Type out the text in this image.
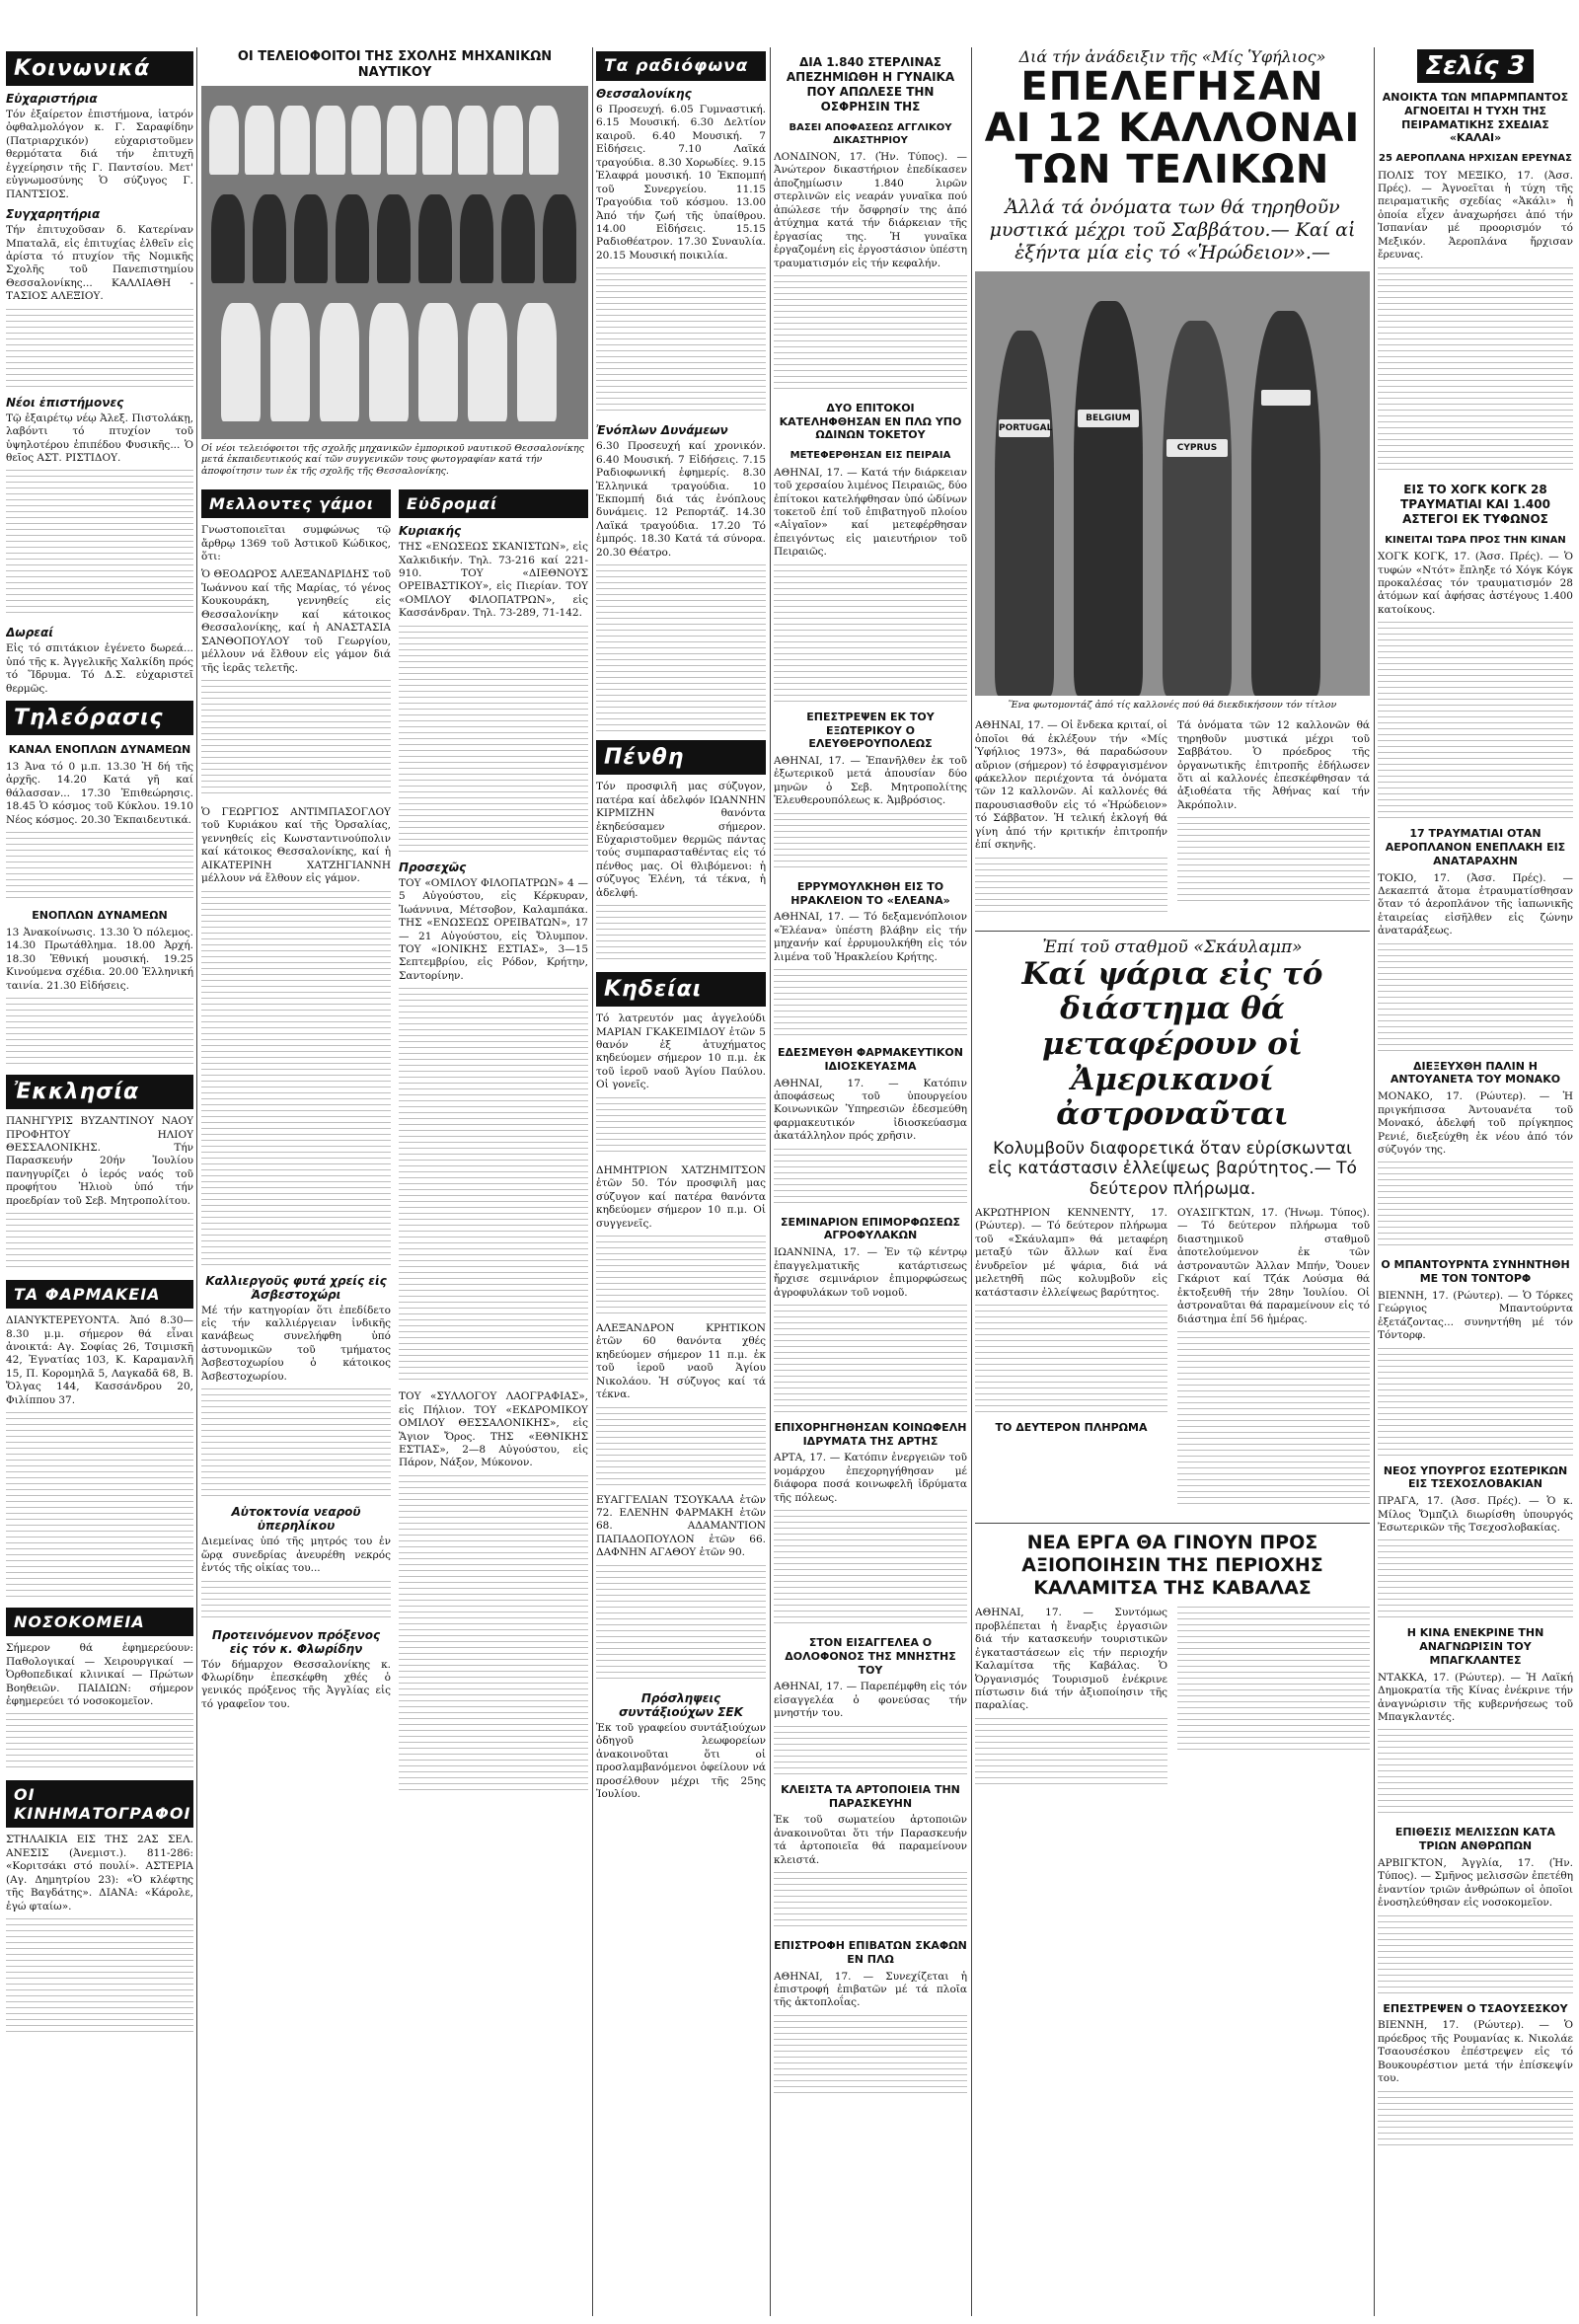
Κοινωνικά
Εὐχαριστήρια

Τόν ἐξαίρετον ἐπιστήμονα, ἰατρόν ὀφθαλμολόγον κ. Γ. Σαραφίδην (Πατριαρχικόν) εὐχαριστοῦμεν θερμότατα διά τήν ἐπιτυχῆ ἐγχείρησιν τῆς Γ. Παντσίου. Μετ' εὐγνωμοσύνης Ὁ σύζυγος Γ. ΠΑΝΤΣΙΟΣ.

Συγχαρητήρια

Τήν ἐπιτυχοῦσαν δ. Κατερίναν Μπαταλᾶ, εἰς ἐπιτυχίας ἐλθεῖν εἰς ἀρίστα τό πτυχίον τῆς Νομικῆς Σχολῆς τοῦ Πανεπιστημίου Θεσσαλονίκης... ΚΑΛΛΙΑΘΗ - ΤΑΣΙΟΣ ΑΛΕΞΙΟΥ.

Νέοι ἐπιστήμονες

Τῷ ἐξαιρέτῳ νέῳ Ἀλεξ. Πιστολάκῃ, λαβόντι τό πτυχίον τοῦ ὑψηλοτέρου ἐπιπέδου Φυσικῆς... Ὁ θεῖος ΑΣΤ. ΡΙΣΤΙΔΟΥ.

Δωρεαί

Εἰς τό σπιτάκιον ἐγένετο δωρεά... ὑπό τῆς κ. Ἀγγελικῆς Χαλκίδη πρός τό Ἵδρυμα. Τό Δ.Σ. εὐχαριστεῖ θερμῶς.

Τηλεόρασις
ΚΑΝΑΛ ΕΝΟΠΛΩΝ ΔΥΝΑΜΕΩΝ

13 Ἀνα τό 0 μ.π. 13.30 Ἡ δή τῆς ἀρχῆς. 14.20 Κατά γῆ καί θάλασσαν... 17.30 Ἐπιθεώρησις. 18.45 Ὁ κόσμος τοῦ Κύκλου. 19.10 Νέος κόσμος. 20.30 Ἐκπαιδευτικά.

ΕΝΟΠΛΩΝ ΔΥΝΑΜΕΩΝ

13 Ἀνακοίνωσις. 13.30 Ὁ πόλεμος. 14.30 Πρωτάθλημα. 18.00 Ἀρχή. 18.30 Ἐθνική μουσική. 19.25 Κινούμενα σχέδια. 20.00 Ἐλληνική ταινία. 21.30 Εἰδήσεις.

Ἐκκλησία

ΠΑΝΗΓΥΡΙΣ ΒΥΖΑΝΤΙΝΟΥ ΝΑΟΥ ΠΡΟΦΗΤΟΥ ΗΛΙΟΥ ΘΕΣΣΑΛΟΝΙΚΗΣ. Τήν Παρασκευήν 20ήν Ἰουλίου πανηγυρίζει ὁ ἱερός ναός τοῦ προφήτου Ἠλιοὺ ὑπό τήν προεδρίαν τοῦ Σεβ. Μητροπολίτου.

ΤΑ ΦΑΡΜΑΚΕΙΑ

ΔΙΑΝΥΚΤΕΡΕΥΟΝΤΑ. Ἀπό 8.30—8.30 μ.μ. σήμερον θά εἶναι ἀνοικτά: Αγ. Σοφίας 26, Τσιμισκῆ 42, Ἐγνατίας 103, Κ. Καραμανλῆ 15, Π. Κορομηλᾶ 5, Λαγκαδᾶ 68, Β. Ὄλγας 144, Κασσάνδρου 20, Φιλίππου 37.

ΝΟΣΟΚΟΜΕΙΑ

Σήμερον θά ἐφημερεύουν: Παθολογικαί — Χειρουργικαί — Ὀρθοπεδικαί κλινικαί — Πρώτων Βοηθειῶν. ΠΑΙΔΙΩΝ: σήμερον ἐφημερεύει τό νοσοκομεῖον.

ΟΙ ΚΙΝΗΜΑΤΟΓΡΑΦΟΙ

ΣΤΗΛΑΙΚΙΑ ΕΙΣ ΤΗΣ 2ΑΣ ΣΕΛ. ΑΝΕΣΙΣ (Ἀνεμιστ.). 811-286: «Κοριτσάκι στό πουλί». ΑΣΤΕΡΙΑ (Αγ. Δημητρίου 23): «Ὁ κλέφτης τῆς Βαγδάτης». ΔΙΑΝΑ: «Κάρολε, ἐγώ φταίω».

ΟΙ ΤΕΛΕΙΟΦΟΙΤΟΙ ΤΗΣ ΣΧΟΛΗΣ ΜΗΧΑΝΙΚΩΝ ΝΑΥΤΙΚΟΥ
Οἱ νέοι τελειόφοιτοι τῆς σχολῆς μηχανικῶν ἐμπορικοῦ ναυτικοῦ Θεσσαλονίκης μετά ἐκπαιδευτικούς καί τῶν συγγενικῶν τους φωτογραφίαν κατά τήν ἀποφοίτησιν των ἐκ τῆς σχολῆς τῆς Θεσσαλονίκης.
Μελλοντες γάμοι

Γνωστοποιεῖται συμφώνως τῷ ἄρθρῳ 1369 τοῦ Ἀστικοῦ Κώδικος, ὅτι:

Ὁ ΘΕΟΔΩΡΟΣ ΑΛΕΞΑΝΔΡΙΔΗΣ τοῦ Ἰωάννου καί τῆς Μαρίας, τό γένος Κουκουράκη, γεννηθείς εἰς Θεσσαλονίκην καί κάτοικος Θεσσαλονίκης, καί ἡ ΑΝΑΣΤΑΣΙΑ ΣΑΝΘΟΠΟΥΛΟΥ τοῦ Γεωργίου, μέλλουν νά ἔλθουν εἰς γάμον διά τῆς ἱερᾶς τελετῆς.

Ὁ ΓΕΩΡΓΙΟΣ ΑΝΤΙΜΠΑΣΟΓΛΟΥ τοῦ Κυριάκου καί τῆς Ὀρσαλίας, γεννηθείς εἰς Κωνσταντινούπολιν καί κάτοικος Θεσσαλονίκης, καί ἡ ΑΙΚΑΤΕΡΙΝΗ ΧΑΤΖΗΓΙΑΝΝΗ μέλλουν νά ἔλθουν εἰς γάμον.

Καλλιεργοῦς φυτά χρείς εἰς Ἀσβεστοχώρι

Μέ τήν κατηγορίαν ὅτι ἐπεδίδετο εἰς τήν καλλιέργειαν ἰνδικῆς κανάβεως συνελήφθη ὑπό ἀστυνομικῶν τοῦ τμήματος Ἀσβεστοχωρίου ὁ κάτοικος Ἀσβεστοχωρίου.

Αὐτοκτονία νεαροῦ ὑπερηλίκου

Διεμείνας ὑπό τῆς μητρός του ἐν ὥρᾳ συνεδρίας ἀνευρέθη νεκρός ἐντός τῆς οἰκίας του...

Προτεινόμενον πρόξενος εἰς τόν κ. Φλωρίδην

Τόν δήμαρχον Θεσσαλονίκης κ. Φλωρίδην ἐπεσκέφθη χθές ὁ γενικός πρόξενος τῆς Ἀγγλίας εἰς τό γραφεῖον του.

Εὐδρομαί
Κυριακής

ΤΗΣ «ΕΝΩΣΕΩΣ ΣΚΑΝΙΣΤΩΝ», εἰς Χαλκιδικήν. Τηλ. 73-216 καί 221-910. ΤΟΥ «ΔΙΕΘΝΟΥΣ ΟΡΕΙΒΑΣΤΙΚΟΥ», εἰς Πιερίαν. ΤΟΥ «ΟΜΙΛΟΥ ΦΙΛΟΠΑΤΡΩΝ», εἰς Κασσάνδραν. Τηλ. 73-289, 71-142.

Προσεχῶς

ΤΟΥ «ΟΜΙΛΟΥ ΦΙΛΟΠΑΤΡΩΝ» 4 — 5 Αὐγούστου, εἰς Κέρκυραν, Ἰωάννινα, Μέτσοβον, Καλαμπάκα. ΤΗΣ «ΕΝΩΣΕΩΣ ΟΡΕΙΒΑΤΩΝ», 17 — 21 Αὐγούστου, εἰς Ὄλυμπον. ΤΟΥ «ΙΟΝΙΚΗΣ ΕΣΤΙΑΣ», 3—15 Σεπτεμβρίου, εἰς Ρόδον, Κρήτην, Σαντορίνην.

ΤΟΥ «ΣΥΛΛΟΓΟΥ ΛΑΟΓΡΑΦΙΑΣ», εἰς Πήλιον. ΤΟΥ «ΕΚΔΡΟΜΙΚΟΥ ΟΜΙΛΟΥ ΘΕΣΣΑΛΟΝΙΚΗΣ», εἰς Ἅγιον Ὄρος. ΤΗΣ «ΕΘΝΙΚΗΣ ΕΣΤΙΑΣ», 2—8 Αὐγούστου, εἰς Πάρον, Νάξον, Μύκονον.

Τα ραδιόφωνα
Θεσσαλονίκης

6 Προσευχή. 6.05 Γυμναστική. 6.15 Μουσική. 6.30 Δελτίον καιροῦ. 6.40 Μουσική. 7 Εἰδήσεις. 7.10 Λαϊκά τραγούδια. 8.30 Χορωδίες. 9.15 Ἐλαφρά μουσική. 10 Ἐκπομπή τοῦ Συνεργείου. 11.15 Τραγούδια τοῦ κόσμου. 13.00 Ἀπό τήν ζωή τῆς ὑπαίθρου. 14.00 Εἰδήσεις. 15.15 Ραδιοθέατρον. 17.30 Συναυλία. 20.15 Μουσική ποικιλία.

Ἐνόπλων Δυνάμεων

6.30 Προσευχή καί χρονικόν. 6.40 Μουσική. 7 Εἰδήσεις. 7.15 Ραδιοφωνική ἐφημερίς. 8.30 Ἑλληνικά τραγούδια. 10 Ἐκπομπή διά τάς ἐνόπλους δυνάμεις. 12 Ρεπορτάζ. 14.30 Λαϊκά τραγούδια. 17.20 Τό ἐμπρός. 18.30 Κατά τά σύνορα. 20.30 Θέατρο.

Πένθη

Τόν προσφιλῆ μας σύζυγον, πατέρα καί ἀδελφόν ΙΩΑΝΝΗΝ ΚΙΡΜΙΖΗΝ θανόντα ἐκηδεύσαμεν σήμερον. Εὐχαριστοῦμεν θερμῶς πάντας τούς συμπαρασταθέντας εἰς τό πένθος μας. Οἱ θλιβόμενοι: ἡ σύζυγος Ἑλένη, τά τέκνα, ἡ ἀδελφή.

Κηδείαι

Τό λατρευτόν μας ἀγγελούδι ΜΑΡΙΑΝ ΓΚΑΚΕΙΜΙΔΟΥ ἐτῶν 5 θανόν ἐξ ἀτυχήματος κηδεύομεν σήμερον 10 π.μ. ἐκ τοῦ ἱεροῦ ναοῦ Ἁγίου Παύλου. Οἱ γονεῖς.

ΔΗΜΗΤΡΙΟΝ ΧΑΤΖΗΜΙΤΣΟΝ ἐτῶν 50. Τόν προσφιλῆ μας σύζυγον καί πατέρα θανόντα κηδεύομεν σήμερον 10 π.μ. Οἱ συγγενεῖς.

ΑΛΕΞΑΝΔΡΟΝ ΚΡΗΤΙΚΟΝ ἐτῶν 60 θανόντα χθές κηδεύομεν σήμερον 11 π.μ. ἐκ τοῦ ἱεροῦ ναοῦ Ἁγίου Νικολάου. Ἡ σύζυγος καί τά τέκνα.

ΕΥΑΓΓΕΛΙΑΝ ΤΣΟΥΚΑΛΑ ἐτῶν 72. ΕΛΕΝΗΝ ΦΑΡΜΑΚΗ ἐτῶν 68. ΑΔΑΜΑΝΤΙΟΝ ΠΑΠΑΔΟΠΟΥΛΟΝ ἐτῶν 66. ΔΑΦΝΗΝ ΑΓΑΘΟΥ ἐτῶν 90.

Πρόσληψεις συντάξιούχων ΣΕΚ

Ἐκ τοῦ γραφείου συντάξιούχων ὁδηγοῦ λεωφορείων ἀνακοινοῦται ὅτι οἱ προσλαμβανόμενοι ὀφείλουν νά προσέλθουν μέχρι τῆς 25ης Ἰουλίου.

ΔΙΑ 1.840 ΣΤΕΡΛΙΝΑΣ ΑΠΕΖΗΜΙΩΘΗ Η ΓΥΝΑΙΚΑ ΠΟΥ ΑΠΩΛΕΣΕ ΤΗΝ ΟΣΦΡΗΣΙΝ ΤΗΣ
ΒΑΣΕΙ ΑΠΟΦΑΣΕΩΣ ΑΓΓΛΙΚΟΥ ΔΙΚΑΣΤΗΡΙΟΥ

ΛΟΝΔΙΝΟΝ, 17. (Ἡν. Τύπος). — Ἀνώτερον δικαστήριον ἐπεδίκασεν ἀποζημίωσιν 1.840 λιρῶν στερλινῶν εἰς νεαράν γυναῖκα πού ἀπώλεσε τήν ὄσφρησίν της ἀπό ἀτύχημα κατά τήν διάρκειαν τῆς ἐργασίας της. Ἡ γυναῖκα ἐργαζομένη εἰς ἐργοστάσιον ὑπέστη τραυματισμόν εἰς τήν κεφαλήν.

ΔΥΟ ΕΠΙΤΟΚΟΙ ΚΑΤΕΛΗΦΘΗΣΑΝ ΕΝ ΠΛΩ ΥΠΟ ΩΔΙΝΩΝ ΤΟΚΕΤΟΥ
ΜΕΤΕΦΕΡΘΗΣΑΝ ΕΙΣ ΠΕΙΡΑΙΑ

ΑΘΗΝΑΙ, 17. — Κατά τήν διάρκειαν τοῦ χερσαίου λιμένος Πειραιῶς, δύο ἐπίτοκοι κατελήφθησαν ὑπό ὠδίνων τοκετοῦ ἐπί τοῦ ἐπιβατηγοῦ πλοίου «Αἰγαῖον» καί μετεφέρθησαν ἐπειγόντως εἰς μαιευτήριον τοῦ Πειραιῶς.

ΕΠΕΣΤΡΕΨΕΝ ΕΚ ΤΟΥ ΕΞΩΤΕΡΙΚΟΥ Ο ΕΛΕΥΘΕΡΟΥΠΟΛΕΩΣ

ΑΘΗΝΑΙ, 17. — Ἐπανῆλθεν ἐκ τοῦ ἐξωτερικοῦ μετά ἀπουσίαν δύο μηνῶν ὁ Σεβ. Μητροπολίτης Ἐλευθερουπόλεως κ. Ἀμβρόσιος.

ΕΡΡΥΜΟΥΛΚΗΘΗ ΕΙΣ ΤΟ ΗΡΑΚΛΕΙΟΝ ΤΟ «ΕΛΕΑΝΑ»

ΑΘΗΝΑΙ, 17. — Τό δεξαμενόπλοιον «Ἐλέανα» ὑπέστη βλάβην εἰς τήν μηχανήν καί ἐρρυμουλκήθη εἰς τόν λιμένα τοῦ Ἡρακλείου Κρήτης.

ΕΔΕΣΜΕΥΘΗ ΦΑΡΜΑΚΕΥΤΙΚΟΝ ΙΔΙΟΣΚΕΥΑΣΜΑ

ΑΘΗΝΑΙ, 17. — Κατόπιν ἀποφάσεως τοῦ ὑπουργείου Κοινωνικῶν Ὑπηρεσιῶν ἐδεσμεύθη φαρμακευτικόν ἰδιοσκεύασμα ἀκατάλληλον πρός χρῆσιν.

ΣΕΜΙΝΑΡΙΟΝ ΕΠΙΜΟΡΦΩΣΕΩΣ ΑΓΡΟΦΥΛΑΚΩΝ

ΙΩΑΝΝΙΝΑ, 17. — Ἐν τῷ κέντρῳ ἐπαγγελματικῆς κατάρτισεως ἤρχισε σεμινάριον ἐπιμορφώσεως ἀγροφυλάκων τοῦ νομοῦ.

ΕΠΙΧΟΡΗΓΗΘΗΣΑΝ ΚΟΙΝΩΦΕΛΗ ΙΔΡΥΜΑΤΑ ΤΗΣ ΑΡΤΗΣ

ΑΡΤΑ, 17. — Κατόπιν ἐνεργειῶν τοῦ νομάρχου ἐπεχορηγήθησαν μέ διάφορα ποσά κοινωφελῆ ἱδρύματα τῆς πόλεως.

ΣΤΟΝ ΕΙΣΑΓΓΕΛΕΑ Ο ΔΟΛΟΦΟΝΟΣ ΤΗΣ ΜΝΗΣΤΗΣ ΤΟΥ

ΑΘΗΝΑΙ, 17. — Παρεπέμφθη εἰς τόν εἰσαγγελέα ὁ φονεύσας τήν μνηστήν του.

ΚΛΕΙΣΤΑ ΤΑ ΑΡΤΟΠΟΙΕΙΑ ΤΗΝ ΠΑΡΑΣΚΕΥΗΝ

Ἐκ τοῦ σωματείου ἀρτοποιῶν ἀνακοινοῦται ὅτι τήν Παρασκευήν τά ἀρτοποιεῖα θά παραμείνουν κλειστά.

ΕΠΙΣΤΡΟΦΗ ΕΠΙΒΑΤΩΝ ΣΚΑΦΩΝ ΕΝ ΠΛΩ

ΑΘΗΝΑΙ, 17. — Συνεχίζεται ἡ ἐπιστροφή ἐπιβατῶν μέ τά πλοῖα τῆς ἀκτοπλοΐας.

Διά τήν ἀνάδειξιν τῆς «Μίς Ὑφήλιος»
ΕΠΕΛΕΓΗΣΑΝ
ΑΙ 12 ΚΑΛΛΟΝΑΙ
ΤΩΝ ΤΕΛΙΚΩΝ
Ἀλλά τά ὀνόματα των θά τηρηθοῦν μυστικά μέχρι τοῦ Σαββάτου.— Καί αἱ ἑξήντα μία εἰς τό «Ἡρώδειον».—
PORTUGAL
BELGIUM
CYPRUS
Ἕνα φωτομοντάζ ἀπό τίς καλλονές πού θά διεκδικήσουν τόν τίτλον

ΑΘΗΝΑΙ, 17. — Οἱ ἔνδεκα κριταί, οἱ ὁποῖοι θά ἐκλέξουν τήν «Μίς Ὑφήλιος 1973», θά παραδώσουν αὔριον (σήμερον) τό ἐσφραγισμένον φάκελλον περιέχοντα τά ὀνόματα τῶν 12 καλλονῶν. Αἱ καλλονές θά παρουσιασθοῦν εἰς τό «Ἡρώδειον» τό Σάββατον. Ἡ τελική ἐκλογή θά γίνη ἀπό τήν κριτικήν ἐπιτροπήν ἐπί σκηνῆς.

Τά ὀνόματα τῶν 12 καλλονῶν θά τηρηθοῦν μυστικά μέχρι τοῦ Σαββάτου. Ὁ πρόεδρος τῆς ὀργανωτικῆς ἐπιτροπῆς ἐδήλωσεν ὅτι αἱ καλλονές ἐπεσκέφθησαν τά ἀξιοθέατα τῆς Ἀθήνας καί τήν Ἀκρόπολιν.

Ἐπί τοῦ σταθμοῦ «Σκάυλαμπ»
Καί ψάρια εἰς τό διάστημα θά μεταφέρουν οἱ Ἀμερικανοί ἀστροναῦται
Κολυμβοῦν διαφορετικά ὅταν εὑρίσκωνται εἰς κατάστασιν ἐλλείψεως βαρύτητος.— Τό δεύτερον πλήρωμα.

ΑΚΡΩΤΗΡΙΟΝ ΚΕΝΝΕΝΤΥ, 17. (Ρώυτερ). — Τό δεύτερον πλήρωμα τοῦ «Σκάυλαμπ» θά μεταφέρη μεταξύ τῶν ἄλλων καί ἕνα ἐνυδρεῖον μέ ψάρια, διά νά μελετηθῆ πῶς κολυμβοῦν εἰς κατάστασιν ἐλλείψεως βαρύτητος.

ΤΟ ΔΕΥΤΕΡΟΝ ΠΛΗΡΩΜΑ

ΟΥΑΣΙΓΚΤΩΝ, 17. (Ἡνωμ. Τύπος). — Τό δεύτερον πλήρωμα τοῦ διαστημικοῦ σταθμοῦ ἀποτελούμενον ἐκ τῶν ἀστροναυτῶν Ἀλλαν Μπήν, Ὄουεν Γκάριοτ καί Τζάκ Λούσμα θά ἐκτοξευθῆ τήν 28ην Ἰουλίου. Οἱ ἀστροναῦται θά παραμείνουν εἰς τό διάστημα ἐπί 56 ἡμέρας.

ΝΕΑ ΕΡΓΑ ΘΑ ΓΙΝΟΥΝ ΠΡΟΣ ΑΞΙΟΠΟΙΗΣΙΝ ΤΗΣ ΠΕΡΙΟΧΗΣ ΚΑΛΑΜΙΤΣΑ ΤΗΣ ΚΑΒΑΛΑΣ

ΑΘΗΝΑΙ, 17. — Συντόμως προβλέπεται ἡ ἔναρξις ἐργασιῶν διά τήν κατασκευήν τουριστικῶν ἐγκαταστάσεων εἰς τήν περιοχήν Καλαμίτσα τῆς Καβάλας. Ὁ Ὀργανισμός Τουρισμοῦ ἐνέκρινε πίστωσιν διά τήν ἀξιοποίησιν τῆς παραλίας.

Σελίς 3
ΑΝΟΙΚΤΑ ΤΩΝ ΜΠΑΡΜΠΑΝΤΟΣ ΑΓΝΟΕΙΤΑΙ Η ΤΥΧΗ ΤΗΣ ΠΕΙΡΑΜΑΤΙΚΗΣ ΣΧΕΔΙΑΣ «ΚΑΛΑΙ»
25 ΑΕΡΟΠΛΑΝΑ ΗΡΧΙΣΑΝ ΕΡΕΥΝΑΣ

ΠΟΛΙΣ ΤΟΥ ΜΕΞΙΚΟ, 17. (Ἀσσ. Πρές). — Ἀγνοεῖται ἡ τύχη τῆς πειραματικῆς σχεδίας «Ἀκάλι» ἡ ὁποία εἶχεν ἀναχωρήσει ἀπό τήν Ἰσπανίαν μέ προορισμόν τό Μεξικόν. Ἀεροπλάνα ἤρχισαν ἔρευνας.

ΕΙΣ ΤΟ ΧΟΓΚ ΚΟΓΚ 28 ΤΡΑΥΜΑΤΙΑΙ ΚΑΙ 1.400 ΑΣΤΕΓΟΙ ΕΚ ΤΥΦΩΝΟΣ
ΚΙΝΕΙΤΑΙ ΤΩΡΑ ΠΡΟΣ ΤΗΝ ΚΙΝΑΝ

ΧΟΓΚ ΚΟΓΚ, 17. (Ἀσσ. Πρές). — Ὁ τυφών «Ντότ» ἔπληξε τό Χόγκ Κόγκ προκαλέσας τόν τραυματισμόν 28 ἀτόμων καί ἀφήσας ἀστέγους 1.400 κατοίκους.

17 ΤΡΑΥΜΑΤΙΑΙ ΟΤΑΝ ΑΕΡΟΠΛΑΝΟΝ ΕΝΕΠΛΑΚΗ ΕΙΣ ΑΝΑΤΑΡΑΧΗΝ

ΤΟΚΙΟ, 17. (Ἀσσ. Πρές). — Δεκαεπτά ἄτομα ἐτραυματίσθησαν ὅταν τό ἀεροπλάνον τῆς ἰαπωνικῆς ἑταιρείας εἰσῆλθεν εἰς ζώνην ἀναταράξεως.

ΔΙΕΞΕΥΧΘΗ ΠΑΛΙΝ Η ΑΝΤΟΥΑΝΕΤΑ ΤΟΥ ΜΟΝΑΚΟ

ΜΟΝΑΚΟ, 17. (Ρώυτερ). — Ἡ πριγκήπισσα Ἀντουανέτα τοῦ Μονακό, ἀδελφή τοῦ πρίγκηπος Ρενιέ, διεξεύχθη ἐκ νέου ἀπό τόν σύζυγόν της.

Ο ΜΠΑΝΤΟΥΡΝΤΑ ΣΥΝΗΝΤΗΘΗ ΜΕ ΤΟΝ ΤΟΝΤΟΡΦ

ΒΙΕΝΝΗ, 17. (Ρώυτερ). — Ὁ Τόρκες Γεώργιος Μπαντούρντα ἐξετάζοντας... συνηντήθη μέ τόν Τόντορφ.

ΝΕΟΣ ΥΠΟΥΡΓΟΣ ΕΣΩΤΕΡΙΚΩΝ ΕΙΣ ΤΣΕΧΟΣΛΟΒΑΚΙΑΝ

ΠΡΑΓΑ, 17. (Ἀσσ. Πρές). — Ὁ κ. Μίλος Ὄμπζιλ διωρίσθη ὑπουργός Ἐσωτερικῶν τῆς Τσεχοσλοβακίας.

Η ΚΙΝΑ ΕΝΕΚΡΙΝΕ ΤΗΝ ΑΝΑΓΝΩΡΙΣΙΝ ΤΟΥ ΜΠΑΓΚΛΑΝΤΕΣ

ΝΤΑΚΚΑ, 17. (Ρώυτερ). — Ἡ Λαϊκή Δημοκρατία τῆς Κίνας ἐνέκρινε τήν ἀναγνώρισιν τῆς κυβερνήσεως τοῦ Μπαγκλαντές.

ΕΠΙΘΕΣΙΣ ΜΕΛΙΣΣΩΝ ΚΑΤΑ ΤΡΙΩΝ ΑΝΘΡΩΠΩΝ

ΑΡΒΙΓΚΤΟΝ, Ἀγγλία, 17. (Ἡν. Τύπος). — Σμῆνος μελισσῶν ἐπετέθη ἐναντίον τριῶν ἀνθρώπων οἱ ὁποῖοι ἐνοσηλεύθησαν εἰς νοσοκομεῖον.

ΕΠΕΣΤΡΕΨΕΝ Ο ΤΣΑΟΥΣΕΣΚΟΥ

ΒΙΕΝΝΗ, 17. (Ρώυτερ). — Ὁ πρόεδρος τῆς Ρουμανίας κ. Νικολάε Τσαουσέσκου ἐπέστρεψεν εἰς τό Βουκουρέστιον μετά τήν ἐπίσκεψίν του.
